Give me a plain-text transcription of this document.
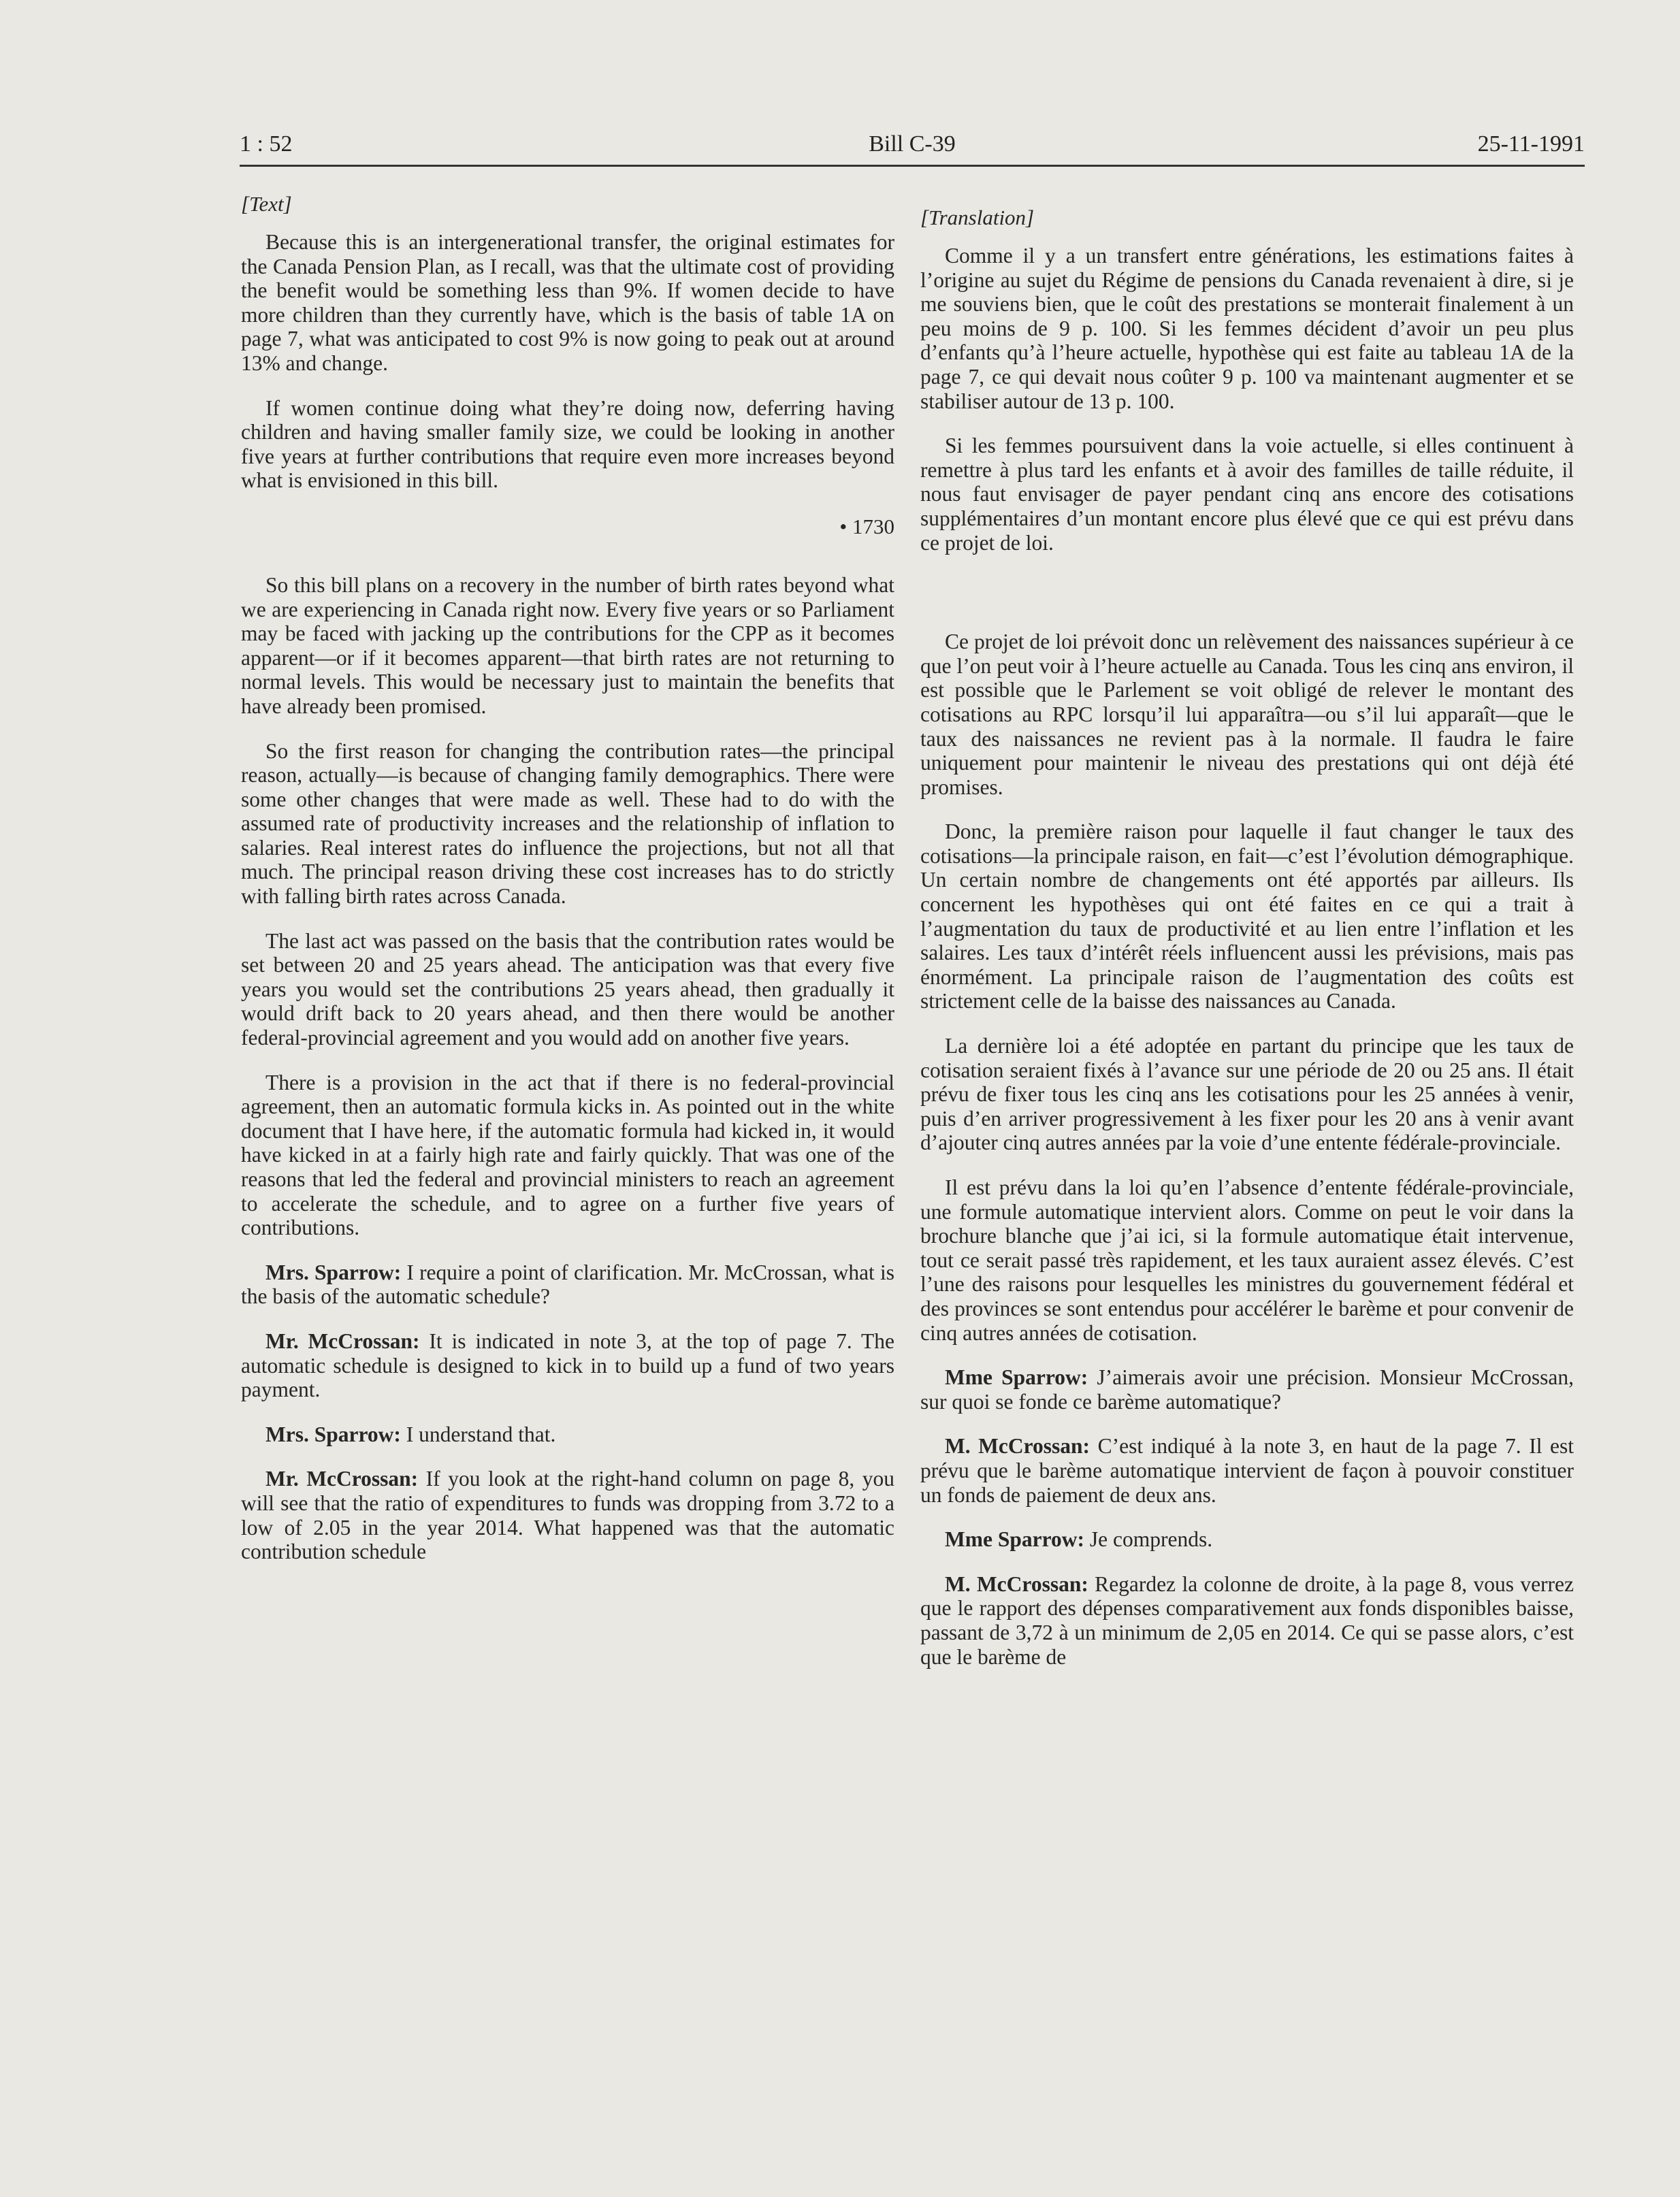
1 : 52	Bill C-39	25-11-1991
[Text]

Because this is an intergenerational transfer, the original estimates for the Canada Pension Plan, as I recall, was that the ultimate cost of providing the benefit would be something less than 9%. If women decide to have more children than they currently have, which is the basis of table 1A on page 7, what was anticipated to cost 9% is now going to peak out at around 13% and change.

If women continue doing what they’re doing now, deferring having children and having smaller family size, we could be looking in another five years at further contributions that require even more increases beyond what is envisioned in this bill.

• 1730

So this bill plans on a recovery in the number of birth rates beyond what we are experiencing in Canada right now. Every five years or so Parliament may be faced with jacking up the contributions for the CPP as it becomes apparent—or if it becomes apparent—that birth rates are not returning to normal levels. This would be necessary just to maintain the benefits that have already been promised.

So the first reason for changing the contribution rates—the principal reason, actually—is because of changing family demographics. There were some other changes that were made as well. These had to do with the assumed rate of productivity increases and the relationship of inflation to salaries. Real interest rates do influence the projections, but not all that much. The principal reason driving these cost increases has to do strictly with falling birth rates across Canada.

The last act was passed on the basis that the contribution rates would be set between 20 and 25 years ahead. The anticipation was that every five years you would set the contributions 25 years ahead, then gradually it would drift back to 20 years ahead, and then there would be another federal-provincial agreement and you would add on another five years.

There is a provision in the act that if there is no federal-provincial agreement, then an automatic formula kicks in. As pointed out in the white document that I have here, if the automatic formula had kicked in, it would have kicked in at a fairly high rate and fairly quickly. That was one of the reasons that led the federal and provincial ministers to reach an agreement to accelerate the schedule, and to agree on a further five years of contributions.

Mrs. Sparrow: I require a point of clarification. Mr. McCrossan, what is the basis of the automatic schedule?

Mr. McCrossan: It is indicated in note 3, at the top of page 7. The automatic schedule is designed to kick in to build up a fund of two years payment.

Mrs. Sparrow: I understand that.

Mr. McCrossan: If you look at the right-hand column on page 8, you will see that the ratio of expenditures to funds was dropping from 3.72 to a low of 2.05 in the year 2014. What happened was that the automatic contribution schedule

[Translation]

Comme il y a un transfert entre générations, les estimations faites à l’origine au sujet du Régime de pensions du Canada revenaient à dire, si je me souviens bien, que le coût des prestations se monterait finalement à un peu moins de 9 p. 100. Si les femmes décident d’avoir un peu plus d’enfants qu’à l’heure actuelle, hypothèse qui est faite au tableau 1A de la page 7, ce qui devait nous coûter 9 p. 100 va maintenant augmenter et se stabiliser autour de 13 p. 100.

Si les femmes poursuivent dans la voie actuelle, si elles continuent à remettre à plus tard les enfants et à avoir des familles de taille réduite, il nous faut envisager de payer pendant cinq ans encore des cotisations supplémentaires d’un montant encore plus élevé que ce qui est prévu dans ce projet de loi.

Ce projet de loi prévoit donc un relèvement des naissances supérieur à ce que l’on peut voir à l’heure actuelle au Canada. Tous les cinq ans environ, il est possible que le Parlement se voit obligé de relever le montant des cotisations au RPC lorsqu’il lui apparaîtra—ou s’il lui apparaît—que le taux des naissances ne revient pas à la normale. Il faudra le faire uniquement pour maintenir le niveau des prestations qui ont déjà été promises.

Donc, la première raison pour laquelle il faut changer le taux des cotisations—la principale raison, en fait—c’est l’évolution démographique. Un certain nombre de changements ont été apportés par ailleurs. Ils concernent les hypothèses qui ont été faites en ce qui a trait à l’augmentation du taux de productivité et au lien entre l’inflation et les salaires. Les taux d’intérêt réels influencent aussi les prévisions, mais pas énormément. La principale raison de l’augmentation des coûts est strictement celle de la baisse des naissances au Canada.

La dernière loi a été adoptée en partant du principe que les taux de cotisation seraient fixés à l’avance sur une période de 20 ou 25 ans. Il était prévu de fixer tous les cinq ans les cotisations pour les 25 années à venir, puis d’en arriver progressivement à les fixer pour les 20 ans à venir avant d’ajouter cinq autres années par la voie d’une entente fédérale-provinciale.

Il est prévu dans la loi qu’en l’absence d’entente fédérale-provinciale, une formule automatique intervient alors. Comme on peut le voir dans la brochure blanche que j’ai ici, si la formule automatique était intervenue, tout ce serait passé très rapidement, et les taux auraient assez élevés. C’est l’une des raisons pour lesquelles les ministres du gouvernement fédéral et des provinces se sont entendus pour accélérer le barème et pour convenir de cinq autres années de cotisation.

Mme Sparrow: J’aimerais avoir une précision. Monsieur McCrossan, sur quoi se fonde ce barème automatique?

M. McCrossan: C’est indiqué à la note 3, en haut de la page 7. Il est prévu que le barème automatique intervient de façon à pouvoir constituer un fonds de paiement de deux ans.

Mme Sparrow: Je comprends.

M. McCrossan: Regardez la colonne de droite, à la page 8, vous verrez que le rapport des dépenses comparativement aux fonds disponibles baisse, passant de 3,72 à un minimum de 2,05 en 2014. Ce qui se passe alors, c’est que le barème de
